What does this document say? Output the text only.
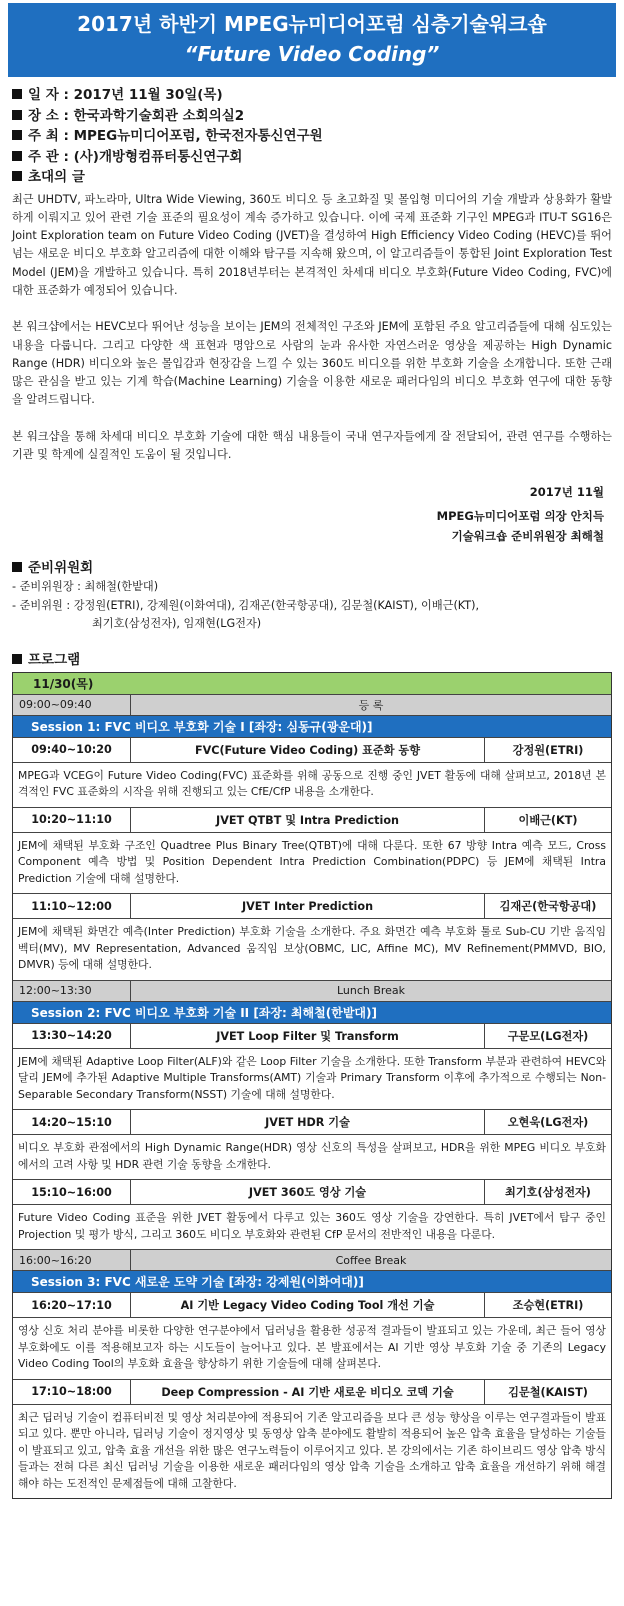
2017년 하반기 MPEG뉴미디어포럼 심층기술워크숍
“Future Video Coding”
일 자 : 2017년 11월 30일(목)
장 소 : 한국과학기술회관 소회의실2
주 최 : MPEG뉴미디어포럼, 한국전자통신연구원
주 관 : (사)개방형컴퓨터통신연구회
초대의 글

최근 UHDTV, 파노라마, Ultra Wide Viewing, 360도 비디오 등 초고화질 및 몰입형 미디어의 기술 개발과 상용화가 활발하게 이뤄지고 있어 관련 기술 표준의 필요성이 계속 증가하고 있습니다. 이에 국제 표준화 기구인 MPEG과 ITU-T SG16은 Joint Exploration team on Future Video Coding (JVET)을 결성하여 High Efficiency Video Coding (HEVC)를 뛰어넘는 새로운 비디오 부호화 알고리즘에 대한 이해와 탐구를 지속해 왔으며, 이 알고리즘들이 통합된 Joint Exploration Test Model (JEM)을 개발하고 있습니다. 특히 2018년부터는 본격적인 차세대 비디오 부호화(Future Video Coding, FVC)에 대한 표준화가 예정되어 있습니다.

본 워크샵에서는 HEVC보다 뛰어난 성능을 보이는 JEM의 전체적인 구조와 JEM에 포함된 주요 알고리즘들에 대해 심도있는 내용을 다룹니다. 그리고 다양한 색 표현과 명암으로 사람의 눈과 유사한 자연스러운 영상을 제공하는 High Dynamic Range (HDR) 비디오와 높은 몰입감과 현장감을 느낄 수 있는 360도 비디오를 위한 부호화 기술을 소개합니다. 또한 근래 많은 관심을 받고 있는 기계 학습(Machine Learning) 기술을 이용한 새로운 패러다임의 비디오 부호화 연구에 대한 동향을 알려드립니다.

본 워크샵을 통해 차세대 비디오 부호화 기술에 대한 핵심 내용들이 국내 연구자들에게 잘 전달되어, 관련 연구를 수행하는 기관 및 학계에 실질적인 도움이 될 것입니다.

2017년 11월
MPEG뉴미디어포럼 의장 안치득
기술워크숍 준비위원장 최해철
준비위원회
- 준비위원장 : 최해철(한밭대)
- 준비위원 : 강정원(ETRI), 강제원(이화여대), 김재곤(한국항공대), 김문철(KAIST), 이배근(KT),
최기호(삼성전자), 임재현(LG전자)
프로그램
11/30(목)
09:00~09:40	등 록
Session 1: FVC 비디오 부호화 기술 I [좌장: 심동규(광운대)]
09:40~10:20	FVC(Future Video Coding) 표준화 동향	강정원(ETRI)
MPEG과 VCEG이 Future Video Coding(FVC) 표준화를 위해 공동으로 진행 중인 JVET 활동에 대해 살펴보고, 2018년 본격적인 FVC 표준화의 시작을 위해 진행되고 있는 CfE/CfP 내용을 소개한다.
10:20~11:10	JVET QTBT 및 Intra Prediction	이배근(KT)
JEM에 채택된 부호화 구조인 Quadtree Plus Binary Tree(QTBT)에 대해 다룬다. 또한 67 방향 Intra 예측 모드, Cross Component 예측 방법 및 Position Dependent Intra Prediction Combination(PDPC) 등 JEM에 채택된 Intra Prediction 기술에 대해 설명한다.
11:10~12:00	JVET Inter Prediction	김재곤(한국항공대)
JEM에 채택된 화면간 예측(Inter Prediction) 부호화 기술을 소개한다. 주요 화면간 예측 부호화 툴로 Sub-CU 기반 움직임 벡터(MV), MV Representation, Advanced 움직임 보상(OBMC, LIC, Affine MC), MV Refinement(PMMVD, BIO, DMVR) 등에 대해 설명한다.
12:00~13:30	Lunch Break
Session 2: FVC 비디오 부호화 기술 II [좌장: 최해철(한밭대)]
13:30~14:20	JVET Loop Filter 및 Transform	구문모(LG전자)
JEM에 채택된 Adaptive Loop Filter(ALF)와 같은 Loop Filter 기술을 소개한다. 또한 Transform 부분과 관련하여 HEVC와 달리 JEM에 추가된 Adaptive Multiple Transforms(AMT) 기술과 Primary Transform 이후에 추가적으로 수행되는 Non-Separable Secondary Transform(NSST) 기술에 대해 설명한다.
14:20~15:10	JVET HDR 기술	오현욱(LG전자)
비디오 부호화 관점에서의 High Dynamic Range(HDR) 영상 신호의 특성을 살펴보고, HDR을 위한 MPEG 비디오 부호화에서의 고려 사항 및 HDR 관련 기술 동향을 소개한다.
15:10~16:00	JVET 360도 영상 기술	최기호(삼성전자)
Future Video Coding 표준을 위한 JVET 활동에서 다루고 있는 360도 영상 기술을 강연한다. 특히 JVET에서 탐구 중인 Projection 및 평가 방식, 그리고 360도 비디오 부호화와 관련된 CfP 문서의 전반적인 내용을 다룬다.
16:00~16:20	Coffee Break
Session 3: FVC 새로운 도약 기술 [좌장: 강제원(이화여대)]
16:20~17:10	AI 기반 Legacy Video Coding Tool 개선 기술	조승현(ETRI)
영상 신호 처리 분야를 비롯한 다양한 연구분야에서 딥러닝을 활용한 성공적 결과들이 발표되고 있는 가운데, 최근 들어 영상 부호화에도 이를 적용해보고자 하는 시도들이 늘어나고 있다. 본 발표에서는 AI 기반 영상 부호화 기술 중 기존의 Legacy Video Coding Tool의 부호화 효율을 향상하기 위한 기술들에 대해 살펴본다.
17:10~18:00	Deep Compression - AI 기반 새로운 비디오 코덱 기술	김문철(KAIST)
최근 딥러닝 기술이 컴퓨터비전 및 영상 처리분야에 적용되어 기존 알고리즘을 보다 큰 성능 향상을 이루는 연구결과들이 발표되고 있다. 뿐만 아니라, 딥러닝 기술이 정지영상 및 동영상 압축 분야에도 활발히 적용되어 높은 압축 효율을 달성하는 기술들이 발표되고 있고, 압축 효율 개선을 위한 많은 연구노력들이 이루어지고 있다. 본 강의에서는 기존 하이브리드 영상 압축 방식들과는 전혀 다른 최신 딥러닝 기술을 이용한 새로운 패러다임의 영상 압축 기술을 소개하고 압축 효율을 개선하기 위해 해결해야 하는 도전적인 문제점들에 대해 고찰한다.
